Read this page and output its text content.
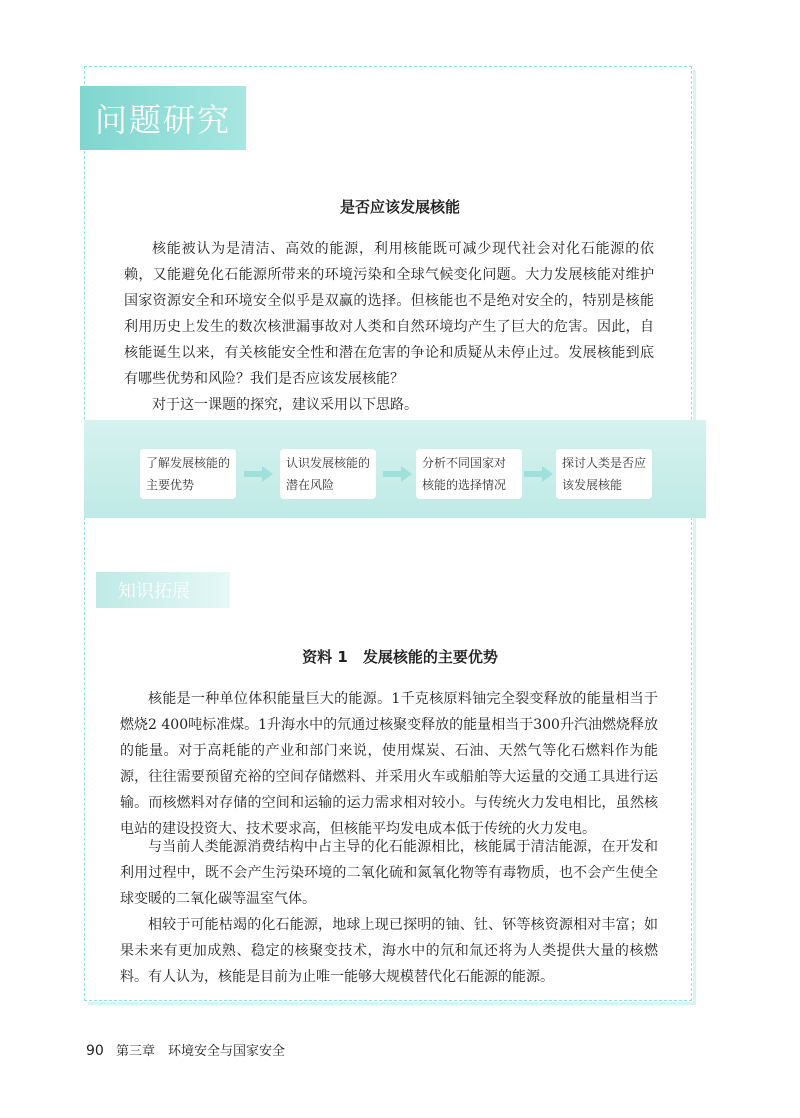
问题研究
是否应该发展核能

核能被认为是清洁、高效的能源，利用核能既可减少现代社会对化石能源的依赖，又能避免化石能源所带来的环境污染和全球气候变化问题。大力发展核能对维护国家资源安全和环境安全似乎是双赢的选择。但核能也不是绝对安全的，特别是核能利用历史上发生的数次核泄漏事故对人类和自然环境均产生了巨大的危害。因此，自核能诞生以来，有关核能安全性和潜在危害的争论和质疑从未停止过。发展核能到底有哪些优势和风险？我们是否应该发展核能？

对于这一课题的探究，建议采用以下思路。

了解发展核能的主要优势
认识发展核能的潜在风险
分析不同国家对核能的选择情况
探讨人类是否应该发展核能
知识拓展
资料 1　发展核能的主要优势

核能是一种单位体积能量巨大的能源。1千克核原料铀完全裂变释放的能量相当于燃烧2 400吨标准煤。1升海水中的氘通过核聚变释放的能量相当于300升汽油燃烧释放的能量。对于高耗能的产业和部门来说，使用煤炭、石油、天然气等化石燃料作为能源，往往需要预留充裕的空间存储燃料、并采用火车或船舶等大运量的交通工具进行运输。而核燃料对存储的空间和运输的运力需求相对较小。与传统火力发电相比，虽然核电站的建设投资大、技术要求高，但核能平均发电成本低于传统的火力发电。

与当前人类能源消费结构中占主导的化石能源相比，核能属于清洁能源，在开发和利用过程中，既不会产生污染环境的二氧化硫和氮氧化物等有毒物质，也不会产生使全球变暖的二氧化碳等温室气体。

相较于可能枯竭的化石能源，地球上现已探明的铀、钍、钚等核资源相对丰富；如果未来有更加成熟、稳定的核聚变技术，海水中的氘和氚还将为人类提供大量的核燃料。有人认为，核能是目前为止唯一能够大规模替代化石能源的能源。

90 第三章　环境安全与国家安全
